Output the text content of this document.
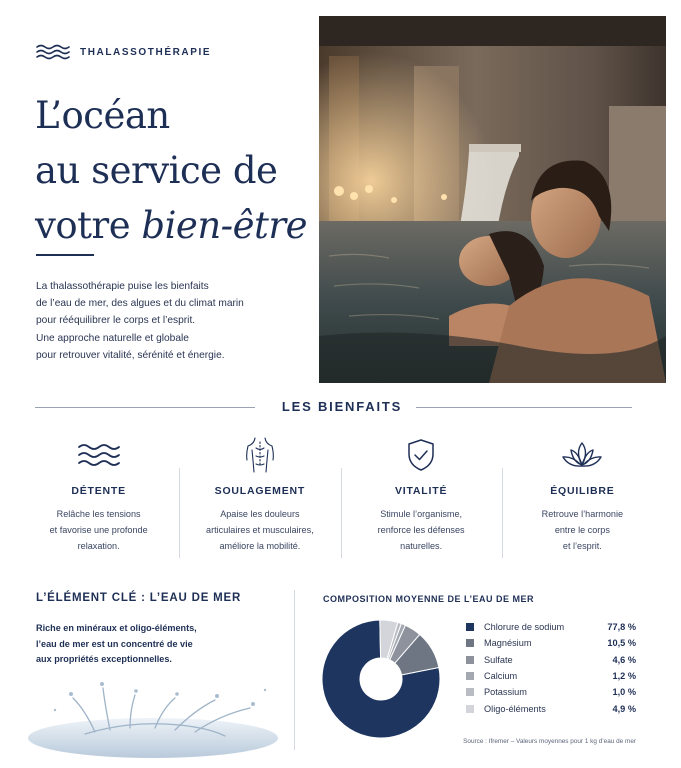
THALASSOTHÉRAPIE
L’océan
au service de
votre bien-être

La thalassothérapie puise les bienfaits

de l’eau de mer, des algues et du climat marin

pour rééquilibrer le corps et l’esprit.

Une approche naturelle et globale

pour retrouver vitalité, sérénité et énergie.

LES BIENFAITS
DÉTENTE
Relâche les tensions
et favorise une profonde
relaxation.
SOULAGEMENT
Apaise les douleurs
articulaires et musculaires,
améliore la mobilité.
VITALITÉ
Stimule l’organisme,
renforce les défenses
naturelles.
ÉQUILIBRE
Retrouve l’harmonie
entre le corps
et l’esprit.
L’ÉLÉMENT CLÉ : L’EAU DE MER
Riche en minéraux et oligo-éléments,
l’eau de mer est un concentré de vie
aux propriétés exceptionnelles.
COMPOSITION MOYENNE DE L’EAU DE MER
Chlorure de sodium	77,8 %
Magnésium	10,5 %
Sulfate	4,6 %
Calcium	1,2 %
Potassium	1,0 %
Oligo-éléments	4,9 %
Source : Ifremer – Valeurs moyennes pour 1 kg d’eau de mer
